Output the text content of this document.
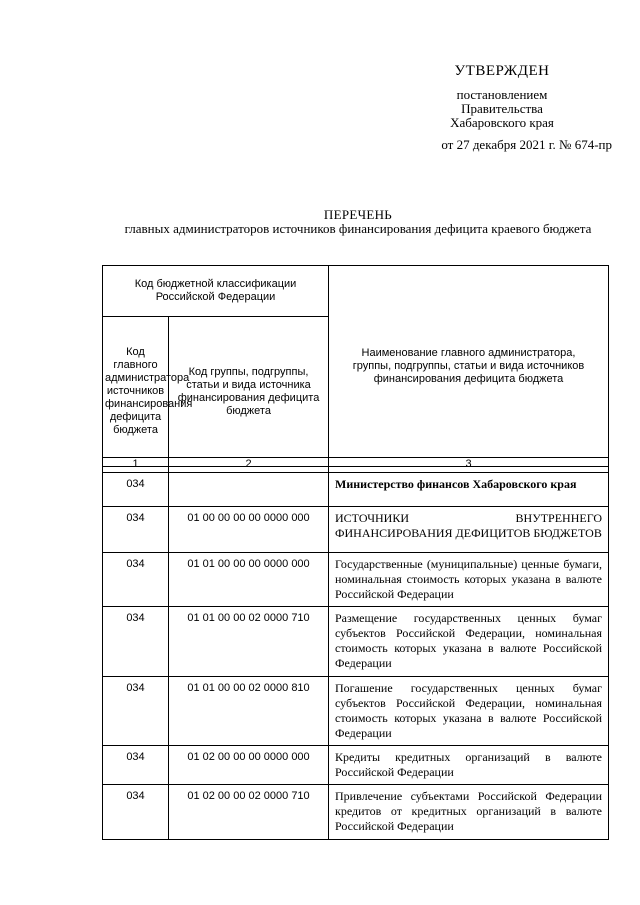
УТВЕРЖДЕН
постановлением
Правительства
Хабаровского края
от 27 декабря 2021 г. № 674-пр
ПЕРЕЧЕНЬ
главных администраторов источников финансирования дефицита краевого бюджета
Код бюджетной классификации Российской Федерации		Наименование главного администратора, группы, подгруппы, статьи и вида источников финансирования дефицита бюджета
Код главного администратора источников финансирования дефицита бюджета	Код группы, подгруппы, статьи и вида источника финансирования дефицита бюджета	
1	2	3
034		Министерство финансов Хабаровского края
034	01 00 00 00 00 0000 000	ИСТОЧНИКИ ВНУТРЕННЕГО ФИНАНСИРОВАНИЯ ДЕФИЦИТОВ БЮДЖЕТОВ
034	01 01 00 00 00 0000 000	Государственные (муниципальные) ценные бумаги, номинальная стоимость которых указана в валюте Российской Федерации
034	01 01 00 00 02 0000 710	Размещение государственных ценных бумаг субъектов Российской Федерации, номинальная стоимость которых указана в валюте Российской Федерации
034	01 01 00 00 02 0000 810	Погашение государственных ценных бумаг субъектов Российской Федерации, номинальная стоимость которых указана в валюте Российской Федерации
034	01 02 00 00 00 0000 000	Кредиты кредитных организаций в валюте Российской Федерации
034	01 02 00 00 02 0000 710	Привлечение субъектами Российской Федерации кредитов от кредитных организаций в валюте Российской Федерации
